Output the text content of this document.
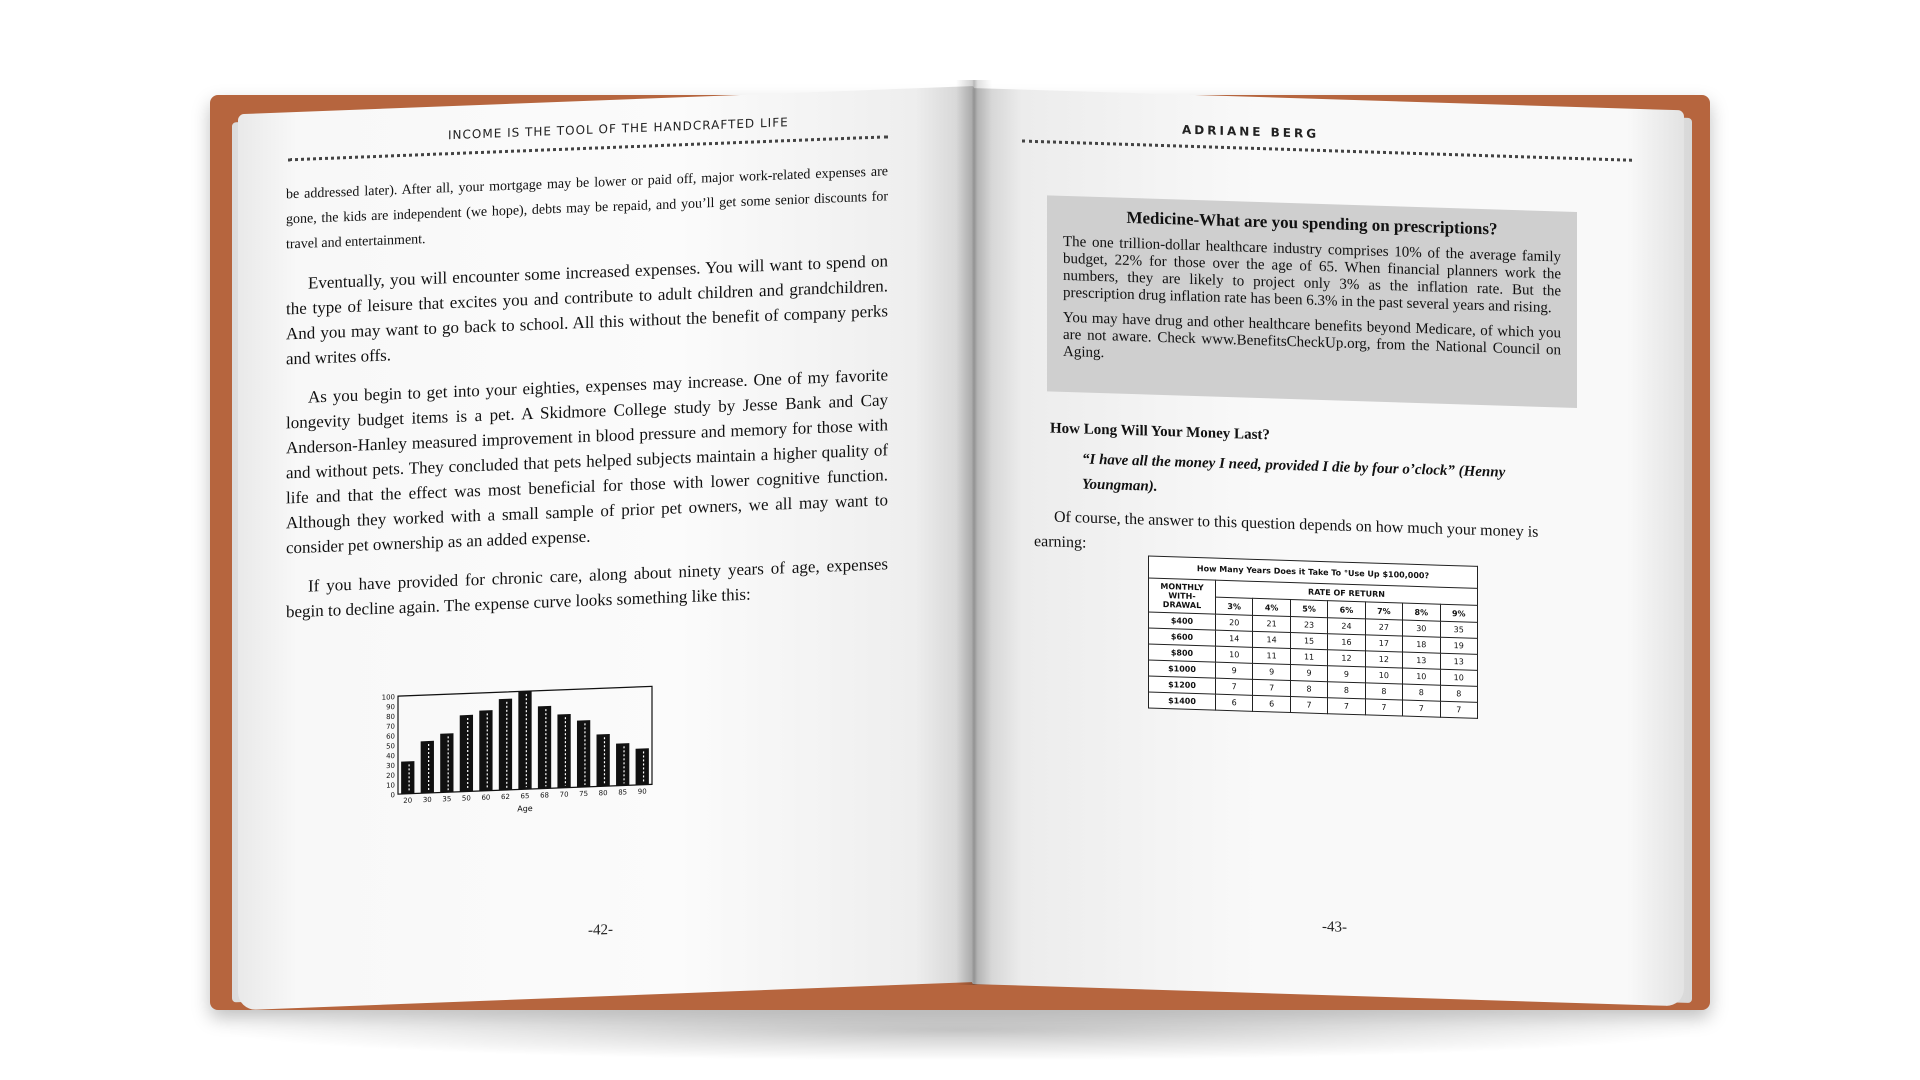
INCOME IS THE TOOL OF THE HANDCRAFTED LIFE

be addressed later). After all, your mortgage may be lower or paid off, major work-related expenses are gone, the kids are independent (we hope), debts may be repaid, and you’ll get some senior discounts for travel and entertainment.

Eventually, you will encounter some increased expenses. You will want to spend on the type of leisure that excites you and contribute to adult children and grandchildren. And you may want to go back to school. All this without the benefit of company perks and writes offs.

As you begin to get into your eighties, expenses may increase. One of my favorite longevity budget items is a pet. A Skidmore College study by Jesse Bank and Cay Anderson-Hanley measured improvement in blood pressure and memory for those with and without pets. They concluded that pets helped subjects maintain a higher quality of life and that the effect was most beneficial for those with lower cognitive function. Although they worked with a small sample of prior pet owners, we all may want to consider pet ownership as an added expense.

If you have provided for chronic care, along about ninety years of age, expenses begin to decline again. The expense curve looks something like this:

0
10
20
30
40
50
60
70
80
90
100
20 30 35 50 60 62 65 68 70 75 80 85 90
Age
-42-
ADRIANE BERG
Medicine-What are you spending on prescriptions?

The one trillion-dollar healthcare industry comprises 10% of the average family budget, 22% for those over the age of 65. When financial planners work the numbers, they are likely to project only 3% as the inflation rate. But the prescription drug inflation rate has been 6.3% in the past several years and rising.

You may have drug and other healthcare benefits beyond Medicare, of which you are not aware. Check www.BenefitsCheckUp.org, from the National Council on Aging.

How Long Will Your Money Last?
“I have all the money I need, provided I die by four o’clock” (Henny Youngman).
Of course, the answer to this question depends on how much your money is earning:
How Many Years Does it Take To °Use Up $100,000?							
MONTHLY WITH- DRAWAL	RATE OF RETURN						
	3%	4%	5%	6%	7%	8%	9%
$400	20	21	23	24	27	30	35
$600	14	14	15	16	17	18	19
$800	10	11	11	12	12	13	13
$1000	9	9	9	9	10	10	10
$1200	7	7	8	8	8	8	8
$1400	6	6	7	7	7	7	7
-43-
